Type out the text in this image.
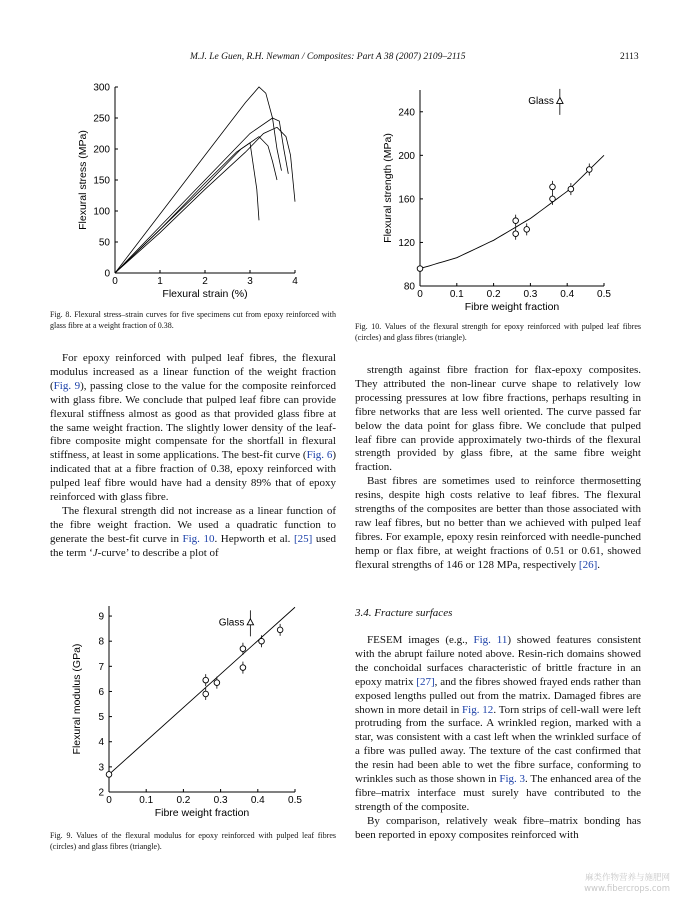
M.J. Le Guen, R.H. Newman / Composites: Part A 38 (2007) 2109–2115	2113
0	1	2	3	4
0
50
100
150
200
250
300
Flexural strain (%)
Flexural stress (MPa)
Fig. 8. Flexural stress–strain curves for five specimens cut from epoxy reinforced with glass fibre at a weight fraction of 0.38.
0	0.1 0.2 0.3 0.4 0.5
80
120
160
200
240
Fibre weight fraction
Flexural strength (MPa)
Glass
Fig. 10. Values of the flexural strength for epoxy reinforced with pulped leaf fibres (circles) and glass fibres (triangle).

For epoxy reinforced with pulped leaf fibres, the flexural modulus increased as a linear function of the weight fraction (Fig. 9), passing close to the value for the composite reinforced with glass fibre. We conclude that pulped leaf fibre can provide flexural stiffness almost as good as that provided glass fibre at the same weight fraction. The slightly lower density of the leaf-fibre composite might compensate for the shortfall in flexural stiffness, at least in some applications. The best-fit curve (Fig. 6) indicated that at a fibre fraction of 0.38, epoxy reinforced with pulped leaf fibre would have had a density 89% that of epoxy reinforced with glass fibre.

The flexural strength did not increase as a linear function of the fibre weight fraction. We used a quadratic function to generate the best-fit curve in Fig. 10. Hepworth et al. [25] used the term ‘J-curve’ to describe a plot of

0	0.1 0.2 0.3 0.4 0.5
2
3
4
5
6
7
8
9
Fibre weight fraction
Flexural modulus (GPa)
Glass
Fig. 9. Values of the flexural modulus for epoxy reinforced with pulped leaf fibres (circles) and glass fibres (triangle).

strength against fibre fraction for flax-epoxy composites. They attributed the non-linear curve shape to relatively low processing pressures at low fibre fractions, perhaps resulting in fibre networks that are less well oriented. The curve passed far below the data point for glass fibre. We conclude that pulped leaf fibre can provide approximately two-thirds of the flexural strength provided by glass fibre, at the same fibre weight fraction.

Bast fibres are sometimes used to reinforce thermosetting resins, despite high costs relative to leaf fibres. The flexural strengths of the composites are better than those associated with raw leaf fibres, but no better than we achieved with pulped leaf fibres. For example, epoxy resin reinforced with needle-punched hemp or flax fibre, at weight fractions of 0.51 or 0.61, showed flexural strengths of 146 or 128 MPa, respectively [26].

3.4. Fracture surfaces

FESEM images (e.g., Fig. 11) showed features consistent with the abrupt failure noted above. Resin-rich domains showed the conchoidal surfaces characteristic of brittle fracture in an epoxy matrix [27], and the fibres showed frayed ends rather than exposed lengths pulled out from the matrix. Damaged fibres are shown in more detail in Fig. 12. Torn strips of cell-wall were left protruding from the surface. A wrinkled region, marked with a star, was consistent with a cast left when the wrinkled surface of a fibre was pulled away. The texture of the cast confirmed that the resin had been able to wet the fibre surface, conforming to wrinkles such as those shown in Fig. 3. The enhanced area of the fibre–matrix interface must surely have contributed to the strength of the composite.

By comparison, relatively weak fibre–matrix bonding has been reported in epoxy composites reinforced with

麻类作物营养与施肥网
www.fibercrops.com
